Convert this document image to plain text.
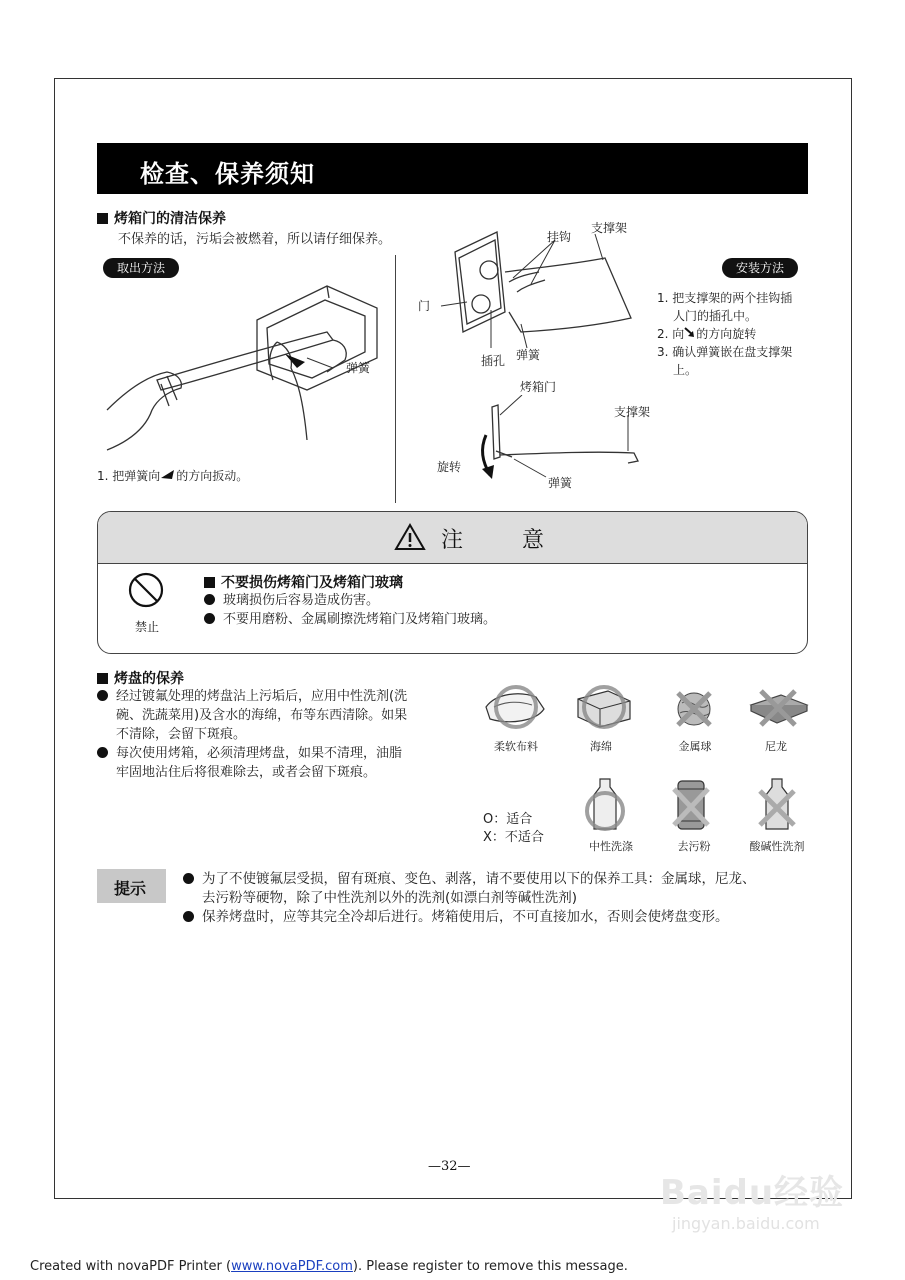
检查、保养须知
烤箱门的清洁保养
不保养的话，污垢会被燃着，所以请仔细保养。
取出方法	安装方法
弹簧
1. 把弹簧向 的方向扳动。
挂钩
支撑架
门
插孔 弹簧
烤箱门
支撑架
旋转
弹簧
1. 把支撑架的两个挂钩插
人门的插孔中。
2. 向 的方向旋转
3. 确认弹簧嵌在盘支撑架
上。
注 意
禁止
不要损伤烤箱门及烤箱门玻璃
玻璃损伤后容易造成伤害。
不要用磨粉、金属刷擦洗烤箱门及烤箱门玻璃。
烤盘的保养
经过镀氟处理的烤盘沾上污垢后，应用中性洗剂(洗
碗、洗蔬菜用)及含水的海绵，布等东西清除。如果
不清除，会留下斑痕。
每次使用烤箱，必须清理烤盘，如果不清理，油脂
牢固地沾住后将很难除去，或者会留下斑痕。
柔软布料	海绵	金属球	尼龙
O：适合
X：不适合
中性洗涤	去污粉	酸碱性洗剂
提示	为了不使镀氟层受损，留有斑痕、变色、剥落，请不要使用以下的保养工具：金属球，尼龙、
去污粉等硬物，除了中性洗剂以外的洗剂(如漂白剂等碱性洗剂)
保养烤盘时，应等其完全冷却后进行。烤箱使用后，不可直接加水，否则会使烤盘变形。
—32—
Baidu经验
jingyan.baidu.com
Created with novaPDF Printer (www.novaPDF.com). Please register to remove this message.
